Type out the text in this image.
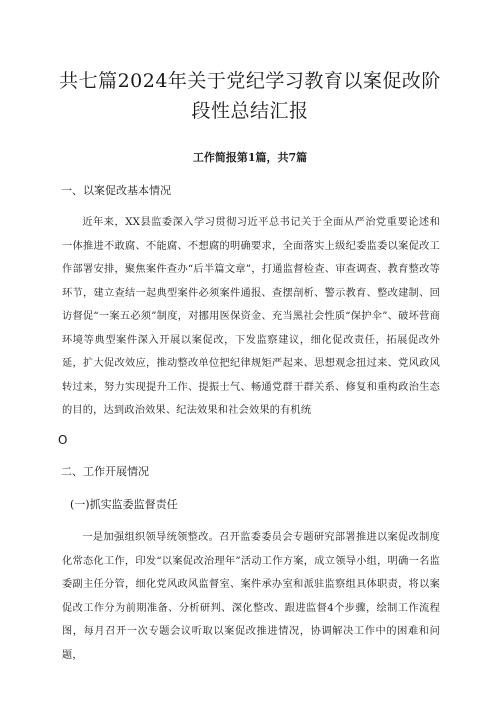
共七篇2024年关于党纪学习教育以案促改阶段性总结汇报

工作简报第1篇，共7篇

一、以案促改基本情况

近年来，XX县监委深入学习贯彻习近平总书记关于全面从严治党重要论述和一体推进不敢腐、不能腐、不想腐的明确要求，全面落实上级纪委监委以案促改工作部署安排，聚焦案件查办“后半篇文章”，打通监督检查、审查调查、教育整改等环节，建立查结一起典型案件必须案件通报、查摆剖析、警示教育、整改建制、回访督促“一案五必须”制度，对挪用医保资金、充当黑社会性质“保护伞”、破坏营商环境等典型案件深入开展以案促改，下发监察建议，细化促改责任，拓展促改外延，扩大促改效应，推动整改单位把纪律规矩严起来、思想观念扭过来、党风政风转过来，努力实现提升工作、提振士气、畅通党群干群关系、修复和重构政治生态的目的，达到政治效果、纪法效果和社会效果的有机统

O

二、工作开展情况

(一)抓实监委监督责任

一是加强组织领导统领整改。召开监委委员会专题研究部署推进以案促改制度化常态化工作，印发“以案促改治理年”活动工作方案，成立领导小组，明确一名监委副主任分管，细化党风政风监督室、案件承办室和派驻监察组具体职责，将以案促改工作分为前期准备、分析研判、深化整改、跟进监督4个步骤，绘制工作流程图，每月召开一次专题会议听取以案促改推进情况，协调解决工作中的困难和问题，
